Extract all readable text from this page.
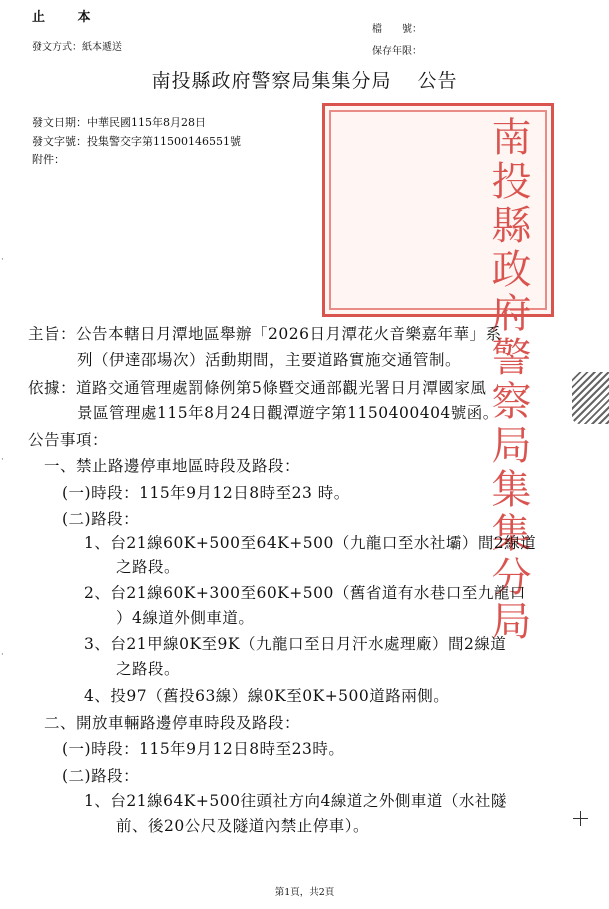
止 本
發文方式：紙本遞送
檔　　號：
保存年限：
南投縣政府警察局集集分局 公告
發文日期：中華民國115年8月28日
發文字號：投集警交字第11500146551號
附件：	南投縣政府警察局集集分局
·
·
·
主旨：公告本轄日月潭地區舉辦「2026日月潭花火音樂嘉年華」系
列（伊達邵場次）活動期間，主要道路實施交通管制。
依據：道路交通管理處罰條例第5條暨交通部觀光署日月潭國家風
景區管理處115年8月24日觀潭遊字第1150400404號函。
公告事項：
一、禁止路邊停車地區時段及路段：
(一)時段：115年9月12日8時至23 時。
(二)路段：
1、台21線60K+500至64K+500（九龍口至水社壩）間2線道
之路段。
2、台21線60K+300至60K+500（舊省道有水巷口至九龍口
）4線道外側車道。
3、台21甲線0K至9K（九龍口至日月汗水處理廠）間2線道
之路段。
4、投97（舊投63線）線0K至0K+500道路兩側。
二、開放車輛路邊停車時段及路段：
(一)時段：115年9月12日8時至23時。
(二)路段：
1、台21線64K+500往頭社方向4線道之外側車道（水社隧
前、後20公尺及隧道內禁止停車）。
第1頁，共2頁
